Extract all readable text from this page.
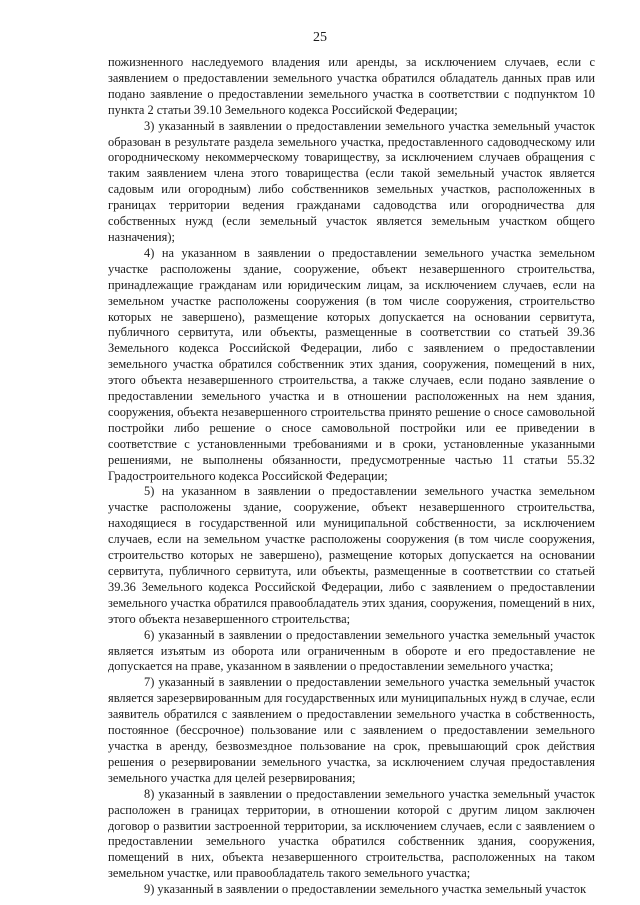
25

пожизненного наследуемого владения или аренды, за исключением случаев, если с заявлением о предоставлении земельного участка обратился обладатель данных прав или подано заявление о предоставлении земельного участка в соответствии с подпунктом 10 пункта 2 статьи 39.10 Земельного кодекса Российской Федерации;

3) указанный в заявлении о предоставлении земельного участка земельный участок образован в результате раздела земельного участка, предоставленного садоводческому или огородническому некоммерческому товариществу, за исключением случаев обращения с таким заявлением члена этого товарищества (если такой земельный участок является садовым или огородным) либо собственников земельных участков, расположенных в границах территории ведения гражданами садоводства или огородничества для собственных нужд (если земельный участок является земельным участком общего назначения);

4) на указанном в заявлении о предоставлении земельного участка земельном участке расположены здание, сооружение, объект незавершенного строительства, принадлежащие гражданам или юридическим лицам, за исключением случаев, если на земельном участке расположены сооружения (в том числе сооружения, строительство которых не завершено), размещение которых допускается на основании сервитута, публичного сервитута, или объекты, размещенные в соответствии со статьей 39.36 Земельного кодекса Российской Федерации, либо с заявлением о предоставлении земельного участка обратился собственник этих здания, сооружения, помещений в них, этого объекта незавершенного строительства, а также случаев, если подано заявление о предоставлении земельного участка и в отношении расположенных на нем здания, сооружения, объекта незавершенного строительства принято решение о сносе самовольной постройки либо решение о сносе самовольной постройки или ее приведении в соответствие с установленными требованиями и в сроки, установленные указанными решениями, не выполнены обязанности, предусмотренные частью 11 статьи 55.32 Градостроительного кодекса Российской Федерации;

5) на указанном в заявлении о предоставлении земельного участка земельном участке расположены здание, сооружение, объект незавершенного строительства, находящиеся в государственной или муниципальной собственности, за исключением случаев, если на земельном участке расположены сооружения (в том числе сооружения, строительство которых не завершено), размещение которых допускается на основании сервитута, публичного сервитута, или объекты, размещенные в соответствии со статьей 39.36 Земельного кодекса Российской Федерации, либо с заявлением о предоставлении земельного участка обратился правообладатель этих здания, сооружения, помещений в них, этого объекта незавершенного строительства;

6) указанный в заявлении о предоставлении земельного участка земельный участок является изъятым из оборота или ограниченным в обороте и его предоставление не допускается на праве, указанном в заявлении о предоставлении земельного участка;

7) указанный в заявлении о предоставлении земельного участка земельный участок является зарезервированным для государственных или муниципальных нужд в случае, если заявитель обратился с заявлением о предоставлении земельного участка в собственность, постоянное (бессрочное) пользование или с заявлением о предоставлении земельного участка в аренду, безвозмездное пользование на срок, превышающий срок действия решения о резервировании земельного участка, за исключением случая предоставления земельного участка для целей резервирования;

8) указанный в заявлении о предоставлении земельного участка земельный участок расположен в границах территории, в отношении которой с другим лицом заключен договор о развитии застроенной территории, за исключением случаев, если с заявлением о предоставлении земельного участка обратился собственник здания, сооружения, помещений в них, объекта незавершенного строительства, расположенных на таком земельном участке, или правообладатель такого земельного участка;

9) указанный в заявлении о предоставлении земельного участка земельный участок
